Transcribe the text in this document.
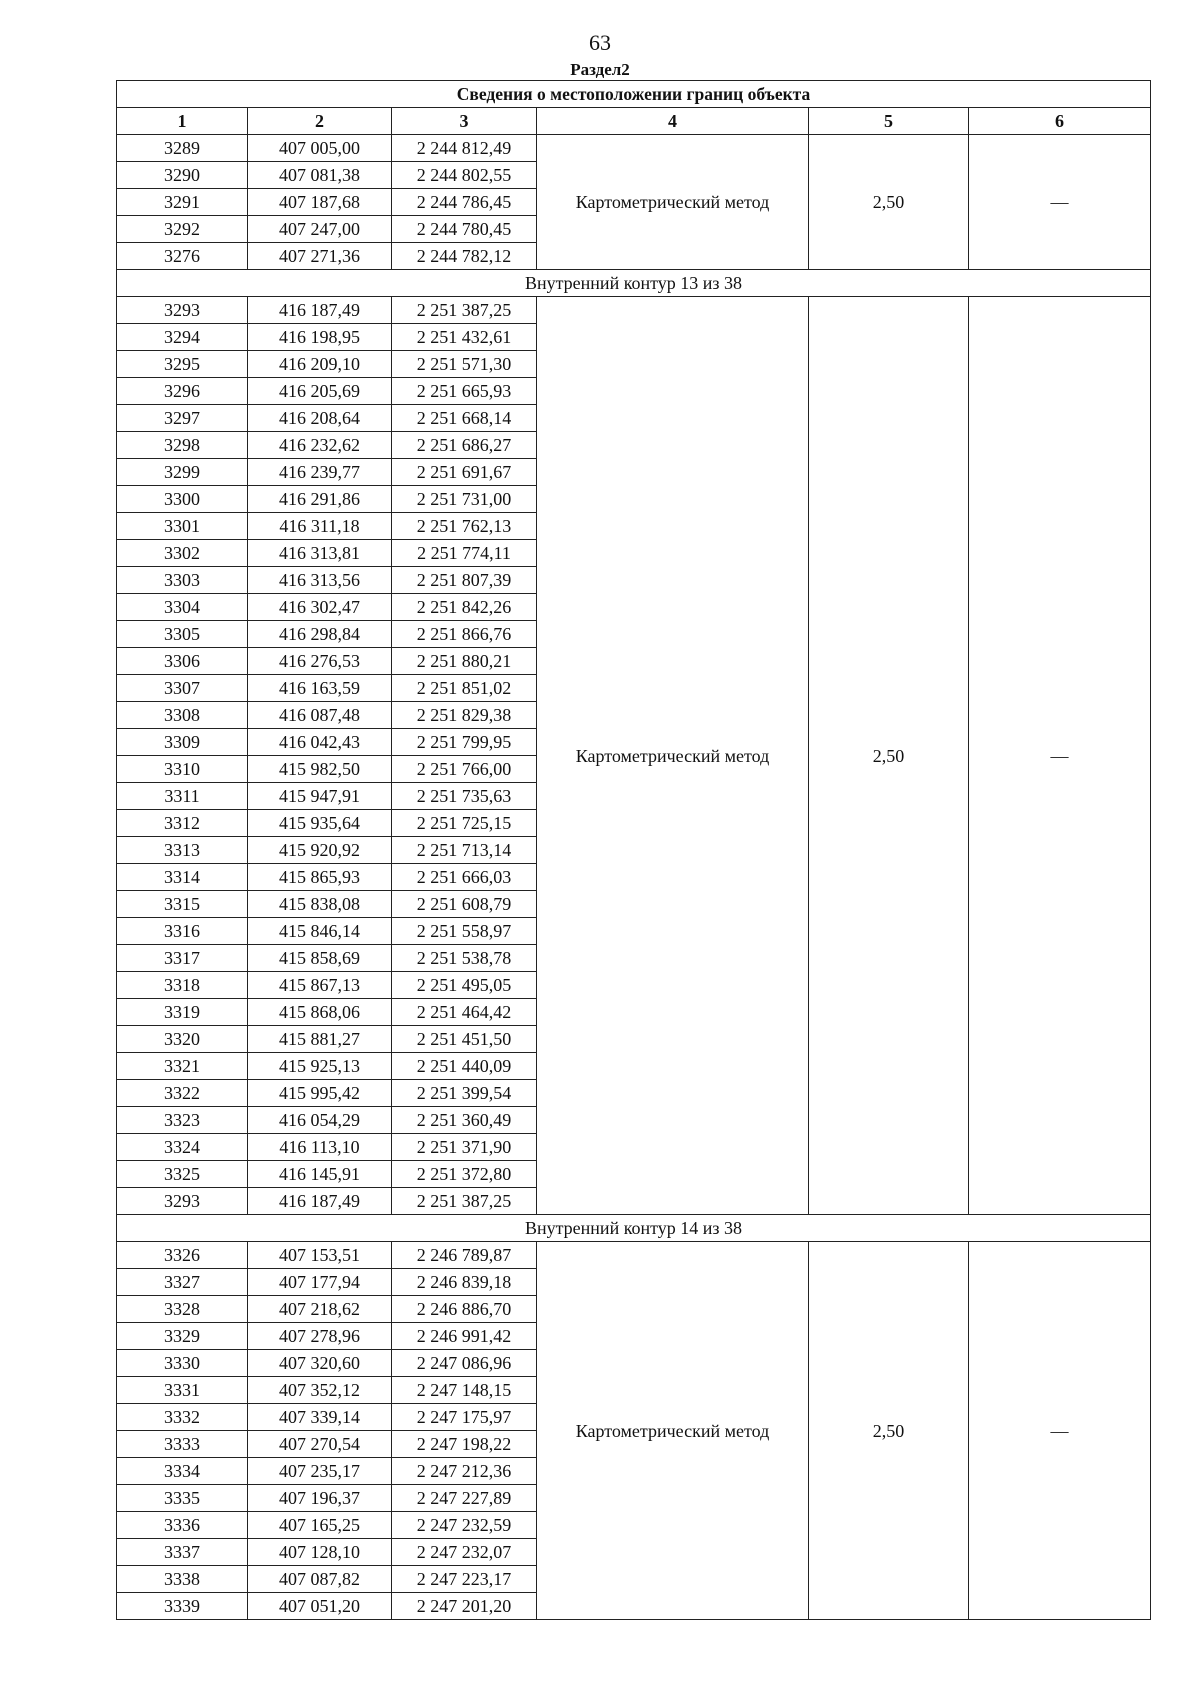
63
Раздел2
Сведения о местоположении границ объекта					
1	2	3	4	5	6
3289	407 005,00	2 244 812,49	Картометрический метод	2,50	—
3290	407 081,38	2 244 802,55			
3291	407 187,68	2 244 786,45			
3292	407 247,00	2 244 780,45			
3276	407 271,36	2 244 782,12			
Внутренний контур 13 из 38					
3293	416 187,49	2 251 387,25	Картометрический метод	2,50	—
3294	416 198,95	2 251 432,61			
3295	416 209,10	2 251 571,30			
3296	416 205,69	2 251 665,93			
3297	416 208,64	2 251 668,14			
3298	416 232,62	2 251 686,27			
3299	416 239,77	2 251 691,67			
3300	416 291,86	2 251 731,00			
3301	416 311,18	2 251 762,13			
3302	416 313,81	2 251 774,11			
3303	416 313,56	2 251 807,39			
3304	416 302,47	2 251 842,26			
3305	416 298,84	2 251 866,76			
3306	416 276,53	2 251 880,21			
3307	416 163,59	2 251 851,02			
3308	416 087,48	2 251 829,38			
3309	416 042,43	2 251 799,95			
3310	415 982,50	2 251 766,00			
3311	415 947,91	2 251 735,63			
3312	415 935,64	2 251 725,15			
3313	415 920,92	2 251 713,14			
3314	415 865,93	2 251 666,03			
3315	415 838,08	2 251 608,79			
3316	415 846,14	2 251 558,97			
3317	415 858,69	2 251 538,78			
3318	415 867,13	2 251 495,05			
3319	415 868,06	2 251 464,42			
3320	415 881,27	2 251 451,50			
3321	415 925,13	2 251 440,09			
3322	415 995,42	2 251 399,54			
3323	416 054,29	2 251 360,49			
3324	416 113,10	2 251 371,90			
3325	416 145,91	2 251 372,80			
3293	416 187,49	2 251 387,25			
Внутренний контур 14 из 38					
3326	407 153,51	2 246 789,87	Картометрический метод	2,50	—
3327	407 177,94	2 246 839,18			
3328	407 218,62	2 246 886,70			
3329	407 278,96	2 246 991,42			
3330	407 320,60	2 247 086,96			
3331	407 352,12	2 247 148,15			
3332	407 339,14	2 247 175,97			
3333	407 270,54	2 247 198,22			
3334	407 235,17	2 247 212,36			
3335	407 196,37	2 247 227,89			
3336	407 165,25	2 247 232,59			
3337	407 128,10	2 247 232,07			
3338	407 087,82	2 247 223,17			
3339	407 051,20	2 247 201,20			
